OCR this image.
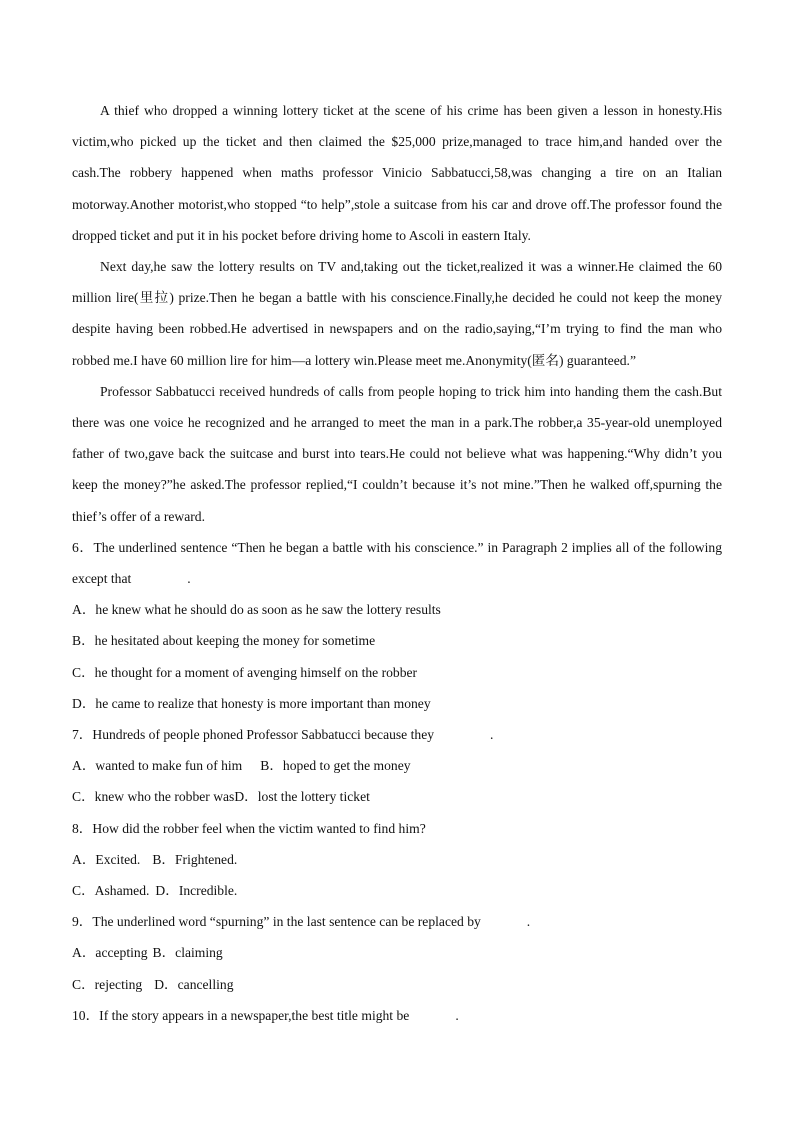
A thief who dropped a winning lottery ticket at the scene of his crime has been given a lesson in honesty.His victim,who picked up the ticket and then claimed the $25,000 prize,managed to trace him,and handed over the cash.The robbery happened when maths professor Vinicio Sabbatucci,58,was changing a tire on an Italian motorway.Another motorist,who stopped “to help”,stole a suitcase from his car and drove off.The professor found the dropped ticket and put it in his pocket before driving home to Ascoli in eastern Italy.

Next day,he saw the lottery results on TV and,taking out the ticket,realized it was a winner.He claimed the 60 million lire(里拉) prize.Then he began a battle with his conscience.Finally,he decided he could not keep the money despite having been robbed.He advertised in newspapers and on the radio,saying,“I’m trying to find the man who robbed me.I have 60 million lire for him—a lottery win.Please meet me.Anonymity(匿名) guaranteed.”

Professor Sabbatucci received hundreds of calls from people hoping to trick him into handing them the cash.But there was one voice he recognized and he arranged to meet the man in a park.The robber,a 35-year-old unemployed father of two,gave back the suitcase and burst into tears.He could not believe what was happening.“Why didn’t you keep the money?”he asked.The professor replied,“I couldn’t because it’s not mine.”Then he walked off,spurning the thief’s offer of a reward.

6．The underlined sentence “Then he began a battle with his conscience.” in Paragraph 2 implies all of the following except that	.

A．he knew what he should do as soon as he saw the lottery results

B．he hesitated about keeping the money for sometime

C．he thought for a moment of avenging himself on the robber

D．he came to realize that honesty is more important than money

7．Hundreds of people phoned Professor Sabbatucci because they	.

A．wanted to make fun of him B．hoped to get the money

C．knew who the robber wasD．lost the lottery ticket

8．How did the robber feel when the victim wanted to find him?

A．Excited. B．Frightened.

C．Ashamed. D．Incredible.

9．The underlined word “spurning” in the last sentence can be replaced by	.

A．accepting B．claiming

C．rejecting D．cancelling

10．If the story appears in a newspaper,the best title might be	.
